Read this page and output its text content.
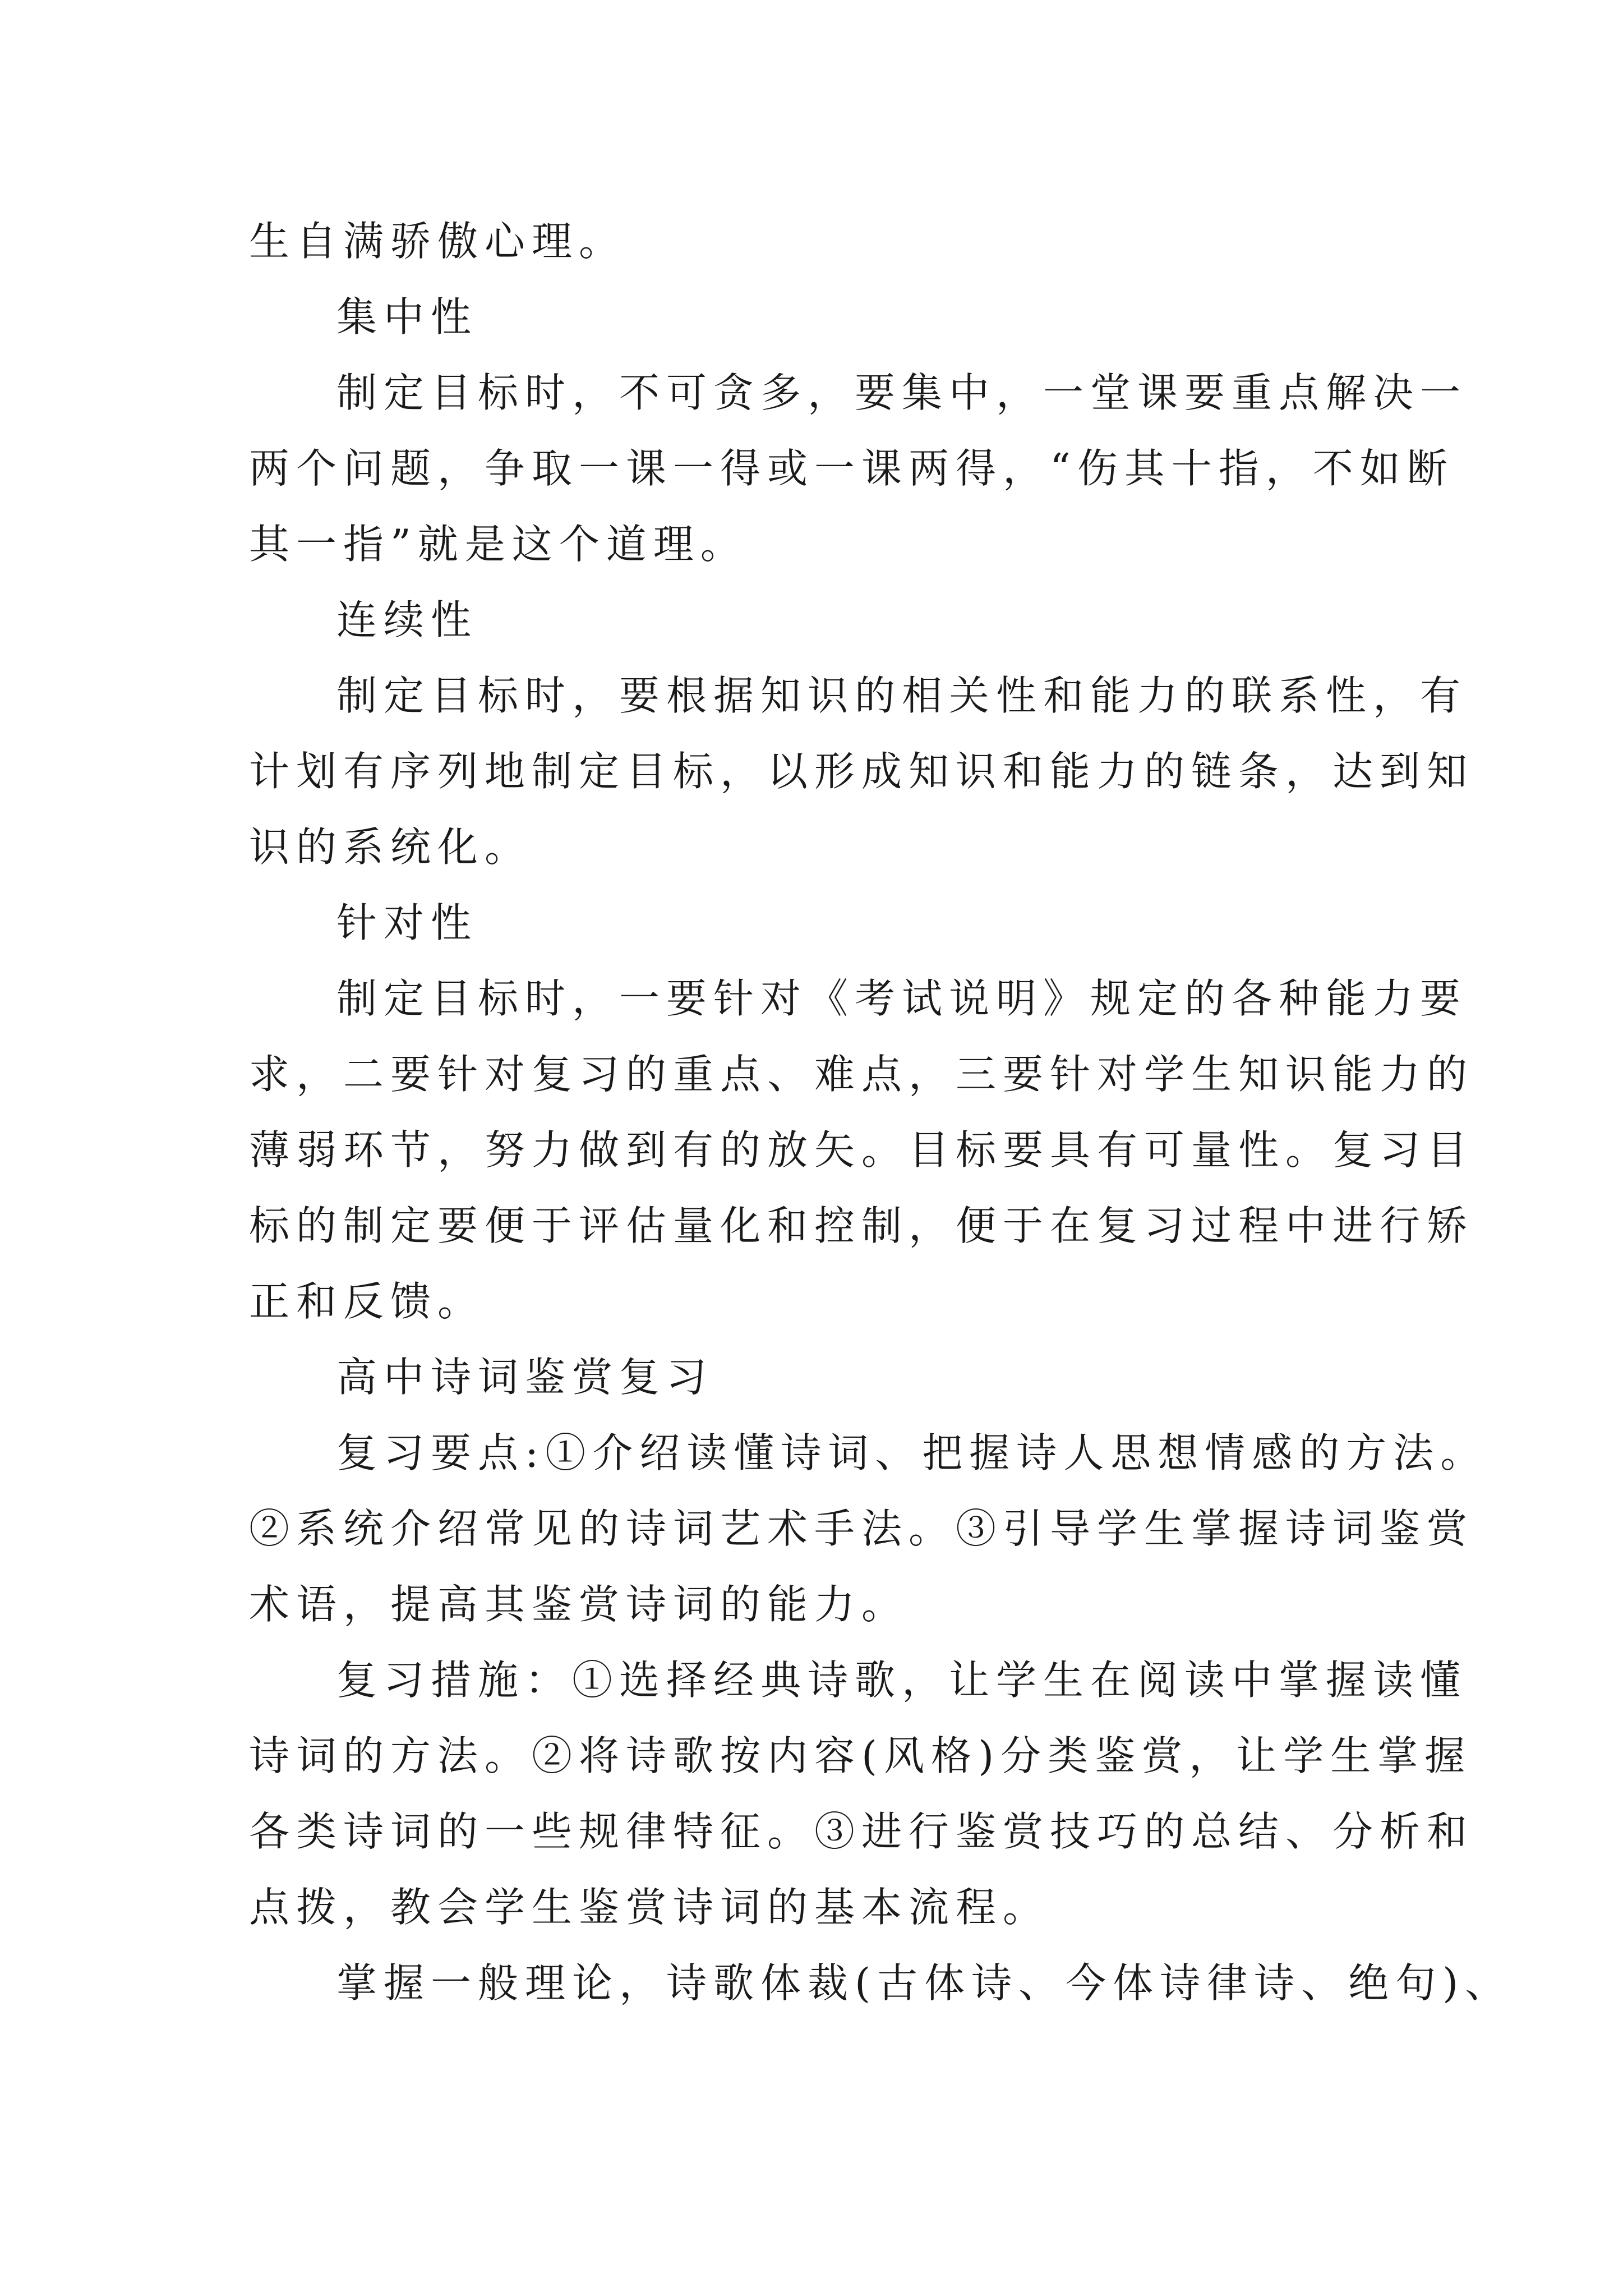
生自满骄傲心理。
集中性
制定目标时，不可贪多，要集中，一堂课要重点解决一
两个问题，争取一课一得或一课两得，“伤其十指，不如断
其一指”就是这个道理。
连续性
制定目标时，要根据知识的相关性和能力的联系性，有
计划有序列地制定目标，以形成知识和能力的链条，达到知
识的系统化。
针对性
制定目标时，一要针对《考试说明》规定的各种能力要
求，二要针对复习的重点、难点，三要针对学生知识能力的
薄弱环节，努力做到有的放矢。目标要具有可量性。复习目
标的制定要便于评估量化和控制，便于在复习过程中进行矫
正和反馈。
高中诗词鉴赏复习
复习要点:①介绍读懂诗词、把握诗人思想情感的方法。
②系统介绍常见的诗词艺术手法。③引导学生掌握诗词鉴赏
术语，提高其鉴赏诗词的能力。
复习措施：①选择经典诗歌，让学生在阅读中掌握读懂
诗词的方法。②将诗歌按内容(风格)分类鉴赏，让学生掌握
各类诗词的一些规律特征。③进行鉴赏技巧的总结、分析和
点拨，教会学生鉴赏诗词的基本流程。
掌握一般理论，诗歌体裁(古体诗、今体诗律诗、绝句)、
